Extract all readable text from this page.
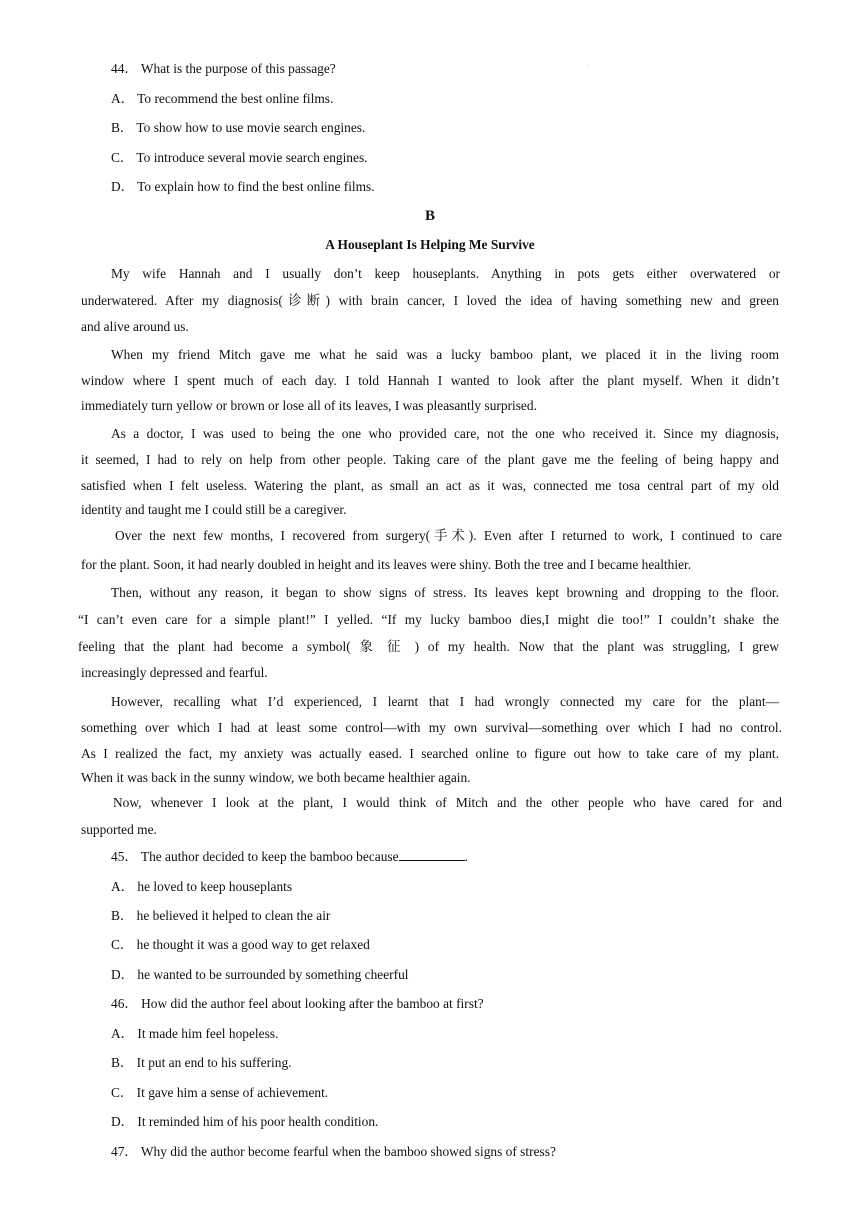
44． What is the purpose of this passage?	·
A． To recommend the best online films.
B． To show how to use movie search engines.
C． To introduce several movie search engines.
D． To explain how to find the best online films.
B
A Houseplant Is Helping Me Survive
My wife Hannah and I usually don’t keep houseplants. Anything in pots gets either overwatered or
underwatered. After my diagnosis(诊断) with brain cancer, I loved the idea of having something new and green
and alive around us.
When my friend Mitch gave me what he said was a lucky bamboo plant, we placed it in the living room
window where I spent much of each day. I told Hannah I wanted to look after the plant myself. When it didn’t
immediately turn yellow or brown or lose all of its leaves, I was pleasantly surprised.
As a doctor, I was used to being the one who provided care, not the one who received it. Since my diagnosis,
it seemed, I had to rely on help from other people. Taking care of the plant gave me the feeling of being happy and
satisfied when I felt useless. Watering the plant, as small an act as it was, connected me tosa central part of my old
identity and taught me I could still be a caregiver.
Over the next few months, I recovered from surgery(手术). Even after I returned to work, I continued to care
for the plant. Soon, it had nearly doubled in height and its leaves were shiny. Both the tree and I became healthier.
Then, without any reason, it began to show signs of stress. Its leaves kept browning and dropping to the floor.
“I can’t even care for a simple plant!” I yelled. “If my lucky bamboo dies,I might die too!” I couldn’t shake the
feeling that the plant had become a symbol( 象 征 ) of my health. Now that the plant was struggling, I grew
increasingly depressed and fearful.
However, recalling what I’d experienced, I learnt that I had wrongly connected my care for the plant—
something over which I had at least some control—with my own survival—something over which I had no control.
As I realized the fact, my anxiety was actually eased. I searched online to figure out how to take care of my plant.
When it was back in the sunny window, we both became healthier again.
Now, whenever I look at the plant, I would think of Mitch and the other people who have cared for and
supported me.
45． The author decided to keep the bamboo because	.
A． he loved to keep houseplants
B． he believed it helped to clean the air
C． he thought it was a good way to get relaxed
D． he wanted to be surrounded by something cheerful
46． How did the author feel about looking after the bamboo at first?
A． It made him feel hopeless.
B． It put an end to his suffering.
C． It gave him a sense of achievement.
D． It reminded him of his poor health condition.
47． Why did the author become fearful when the bamboo showed signs of stress?
